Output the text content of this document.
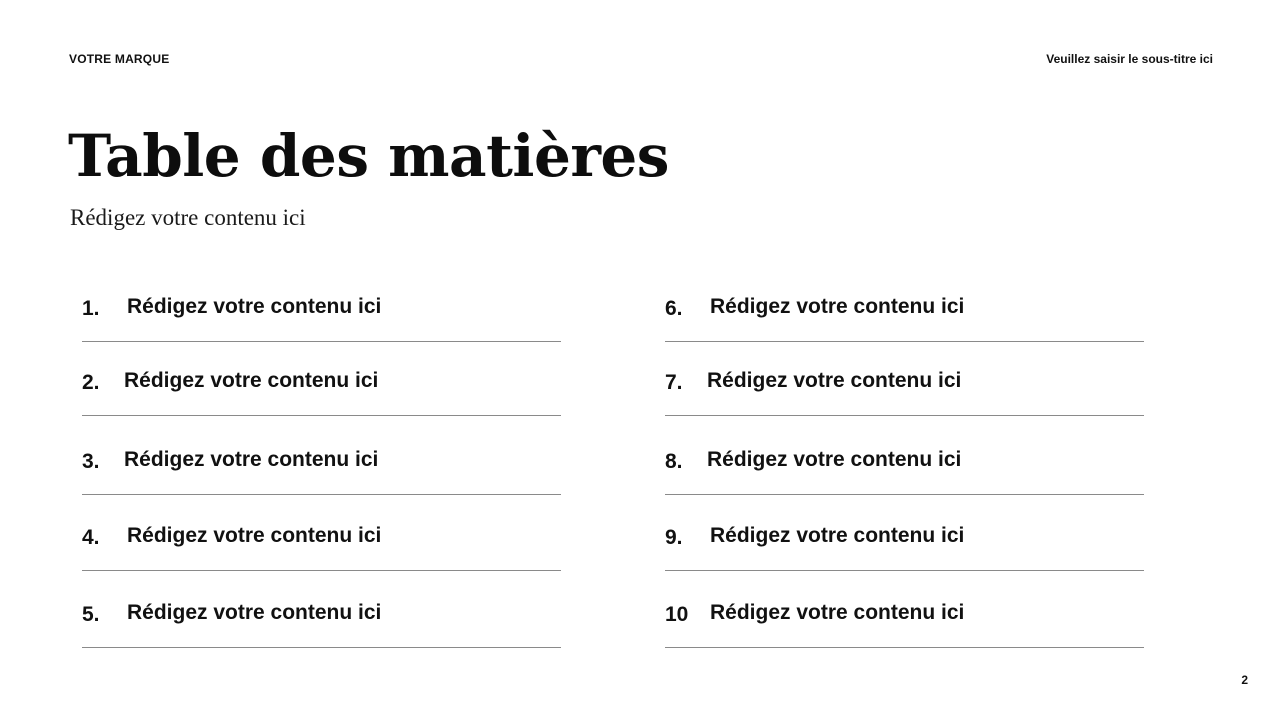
VOTRE MARQUE	Veuillez saisir le sous-titre ici
Table des matières

Rédigez votre contenu ici

1. Rédigez votre contenu ici
2. Rédigez votre contenu ici
3. Rédigez votre contenu ici
4. Rédigez votre contenu ici
5. Rédigez votre contenu ici
6. Rédigez votre contenu ici
7. Rédigez votre contenu ici
8. Rédigez votre contenu ici
9. Rédigez votre contenu ici
10 Rédigez votre contenu ici
2
